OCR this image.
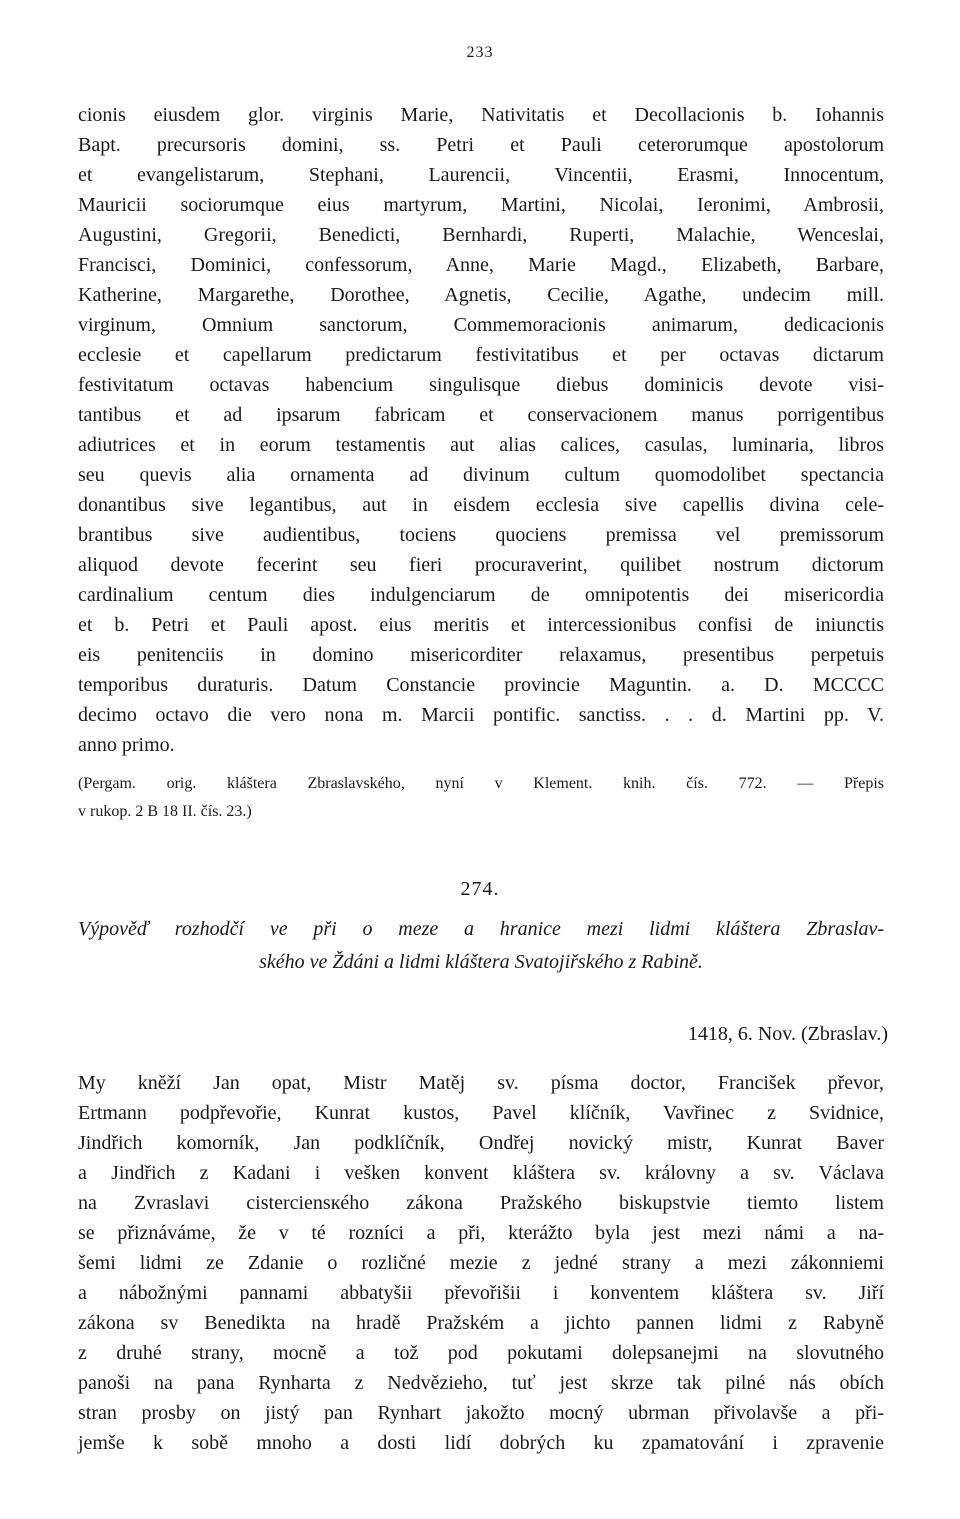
233
cionis eiusdem glor. virginis Marie, Nativitatis et Decollacionis b. Iohannis
Bapt. precursoris domini, ss. Petri et Pauli ceterorumque apostolorum
et evangelistarum, Stephani, Laurencii, Vincentii, Erasmi, Innocentum,
Mauricii sociorumque eius martyrum, Martini, Nicolai, Ieronimi, Ambrosii,
Augustini, Gregorii, Benedicti, Bernhardi, Ruperti, Malachie, Wenceslai,
Francisci, Dominici, confessorum, Anne, Marie Magd., Elizabeth, Barbare,
Katherine, Margarethe, Dorothee, Agnetis, Cecilie, Agathe, undecim mill.
virginum, Omnium sanctorum, Commemoracionis animarum, dedicacionis
ecclesie et capellarum predictarum festivitatibus et per octavas dictarum
festivitatum octavas habencium singulisque diebus dominicis devote visi-
tantibus et ad ipsarum fabricam et conservacionem manus porrigentibus
adiutrices et in eorum testamentis aut alias calices, casulas, luminaria, libros
seu quevis alia ornamenta ad divinum cultum quomodolibet spectancia
donantibus sive legantibus, aut in eisdem ecclesia sive capellis divina cele-
brantibus sive audientibus, tociens quociens premissa vel premissorum
aliquod devote fecerint seu fieri procuraverint, quilibet nostrum dictorum
cardinalium centum dies indulgenciarum de omnipotentis dei misericordia
et b. Petri et Pauli apost. eius meritis et intercessionibus confisi de iniunctis
eis penitenciis in domino misericorditer relaxamus, presentibus perpetuis
temporibus duraturis. Datum Constancie provincie Maguntin. a. D. MCCCC
decimo octavo die vero nona m. Marcii pontific. sanctiss. . . d. Martini pp. V.
anno primo.
(Pergam. orig. kláštera Zbraslavského, nyní v Klement. knih. čís. 772. — Přepis
v rukop. 2 B 18 II. čís. 23.)
274.
Výpověď rozhodčí ve při o meze a hranice mezi lidmi kláštera Zbraslav-
ského ve Ždáni a lidmi kláštera Svatojiřského z Rabině.
1418, 6. Nov. (Zbraslav.)
My kněží Jan opat, Mistr Matěj sv. písma doctor, Francišek převor,
Ertmann podpřevořie, Kunrat kustos, Pavel klíčník, Vavřinec z Svidnice,
Jindřich komorník, Jan podklíčník, Ondřej novický mistr, Kunrat Baver
a Jindřich z Kadani i vešken konvent kláštera sv. královny a sv. Václava
na Zvraslavi cisterciensкého zákona Pražského biskupstvie tiemto listem
se přiznáváme, že v té rozníci a při, kterážto byla jest mezi námi a na-
šemi lidmi ze Zdanie o rozličné mezie z jedné strany a mezi zákonniemi
a nábožnými pannami abbatyšii převořišii i konventem kláštera sv. Jiří
zákona sv Benedikta na hradě Pražském a jichto pannen lidmi z Rabyně
z druhé strany, mocně a tož pod pokutami dolepsanejmi na slovutného
panoši na pana Rynharta z Nedvězieho, tuť jest skrze tak pilné nás obích
stran prosby on jistý pan Rynhart jakožto mocný ubrman přivolavše a při-
jemše k sobě mnoho a dosti lidí dobrých ku zpamatování i zpravenie
